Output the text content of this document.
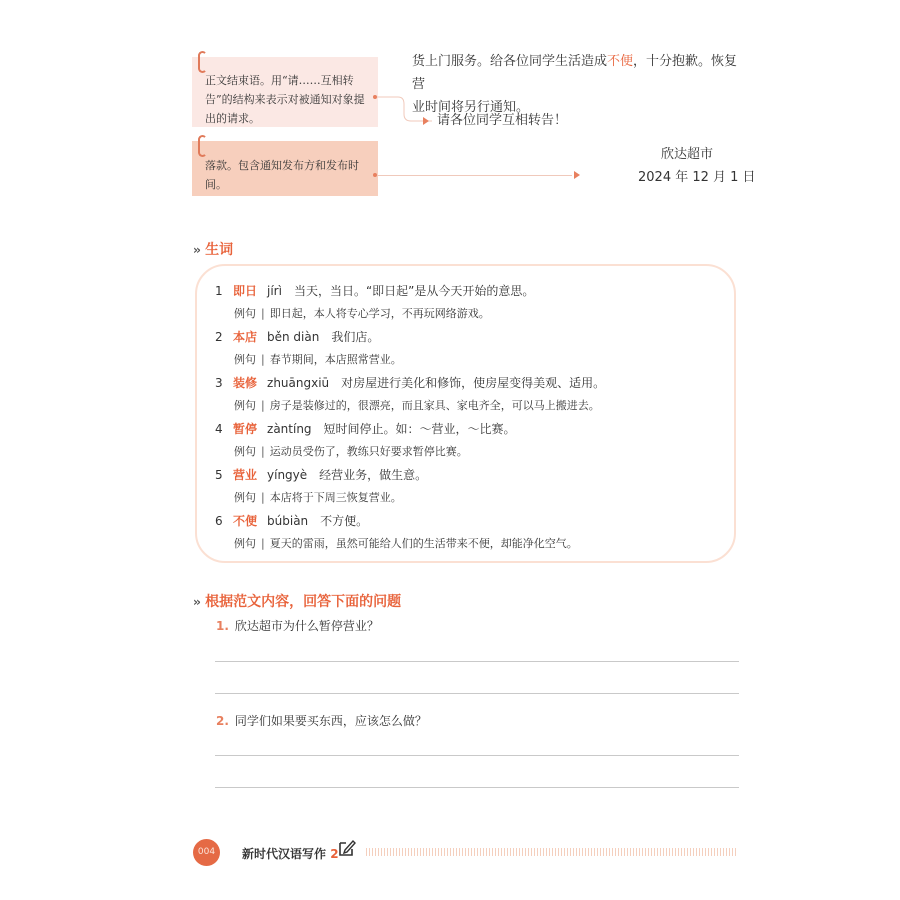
正文结束语。用“请……互相转告”的结构来表示对被通知对象提出的请求。
落款。包含通知发布方和发布时间。
货上门服务。给各位同学生活造成不便，十分抱歉。恢复营
业时间将另行通知。
请各位同学互相转告！
欣达超市
2024 年 12 月 1 日
›› 生词
1 即日 jírì 当天，当日。“即日起”是从今天开始的意思。
例句 | 即日起，本人将专心学习，不再玩网络游戏。
2 本店 běn diàn 我们店。
例句 | 春节期间，本店照常营业。
3 装修 zhuāngxiū 对房屋进行美化和修饰，使房屋变得美观、适用。
例句 | 房子是装修过的，很漂亮，而且家具、家电齐全，可以马上搬进去。
4 暂停 zàntíng 短时间停止。如：～营业，～比赛。
例句 | 运动员受伤了，教练只好要求暂停比赛。
5 营业 yíngyè 经营业务，做生意。
例句 | 本店将于下周三恢复营业。
6 不便 búbiàn 不方便。
例句 | 夏天的雷雨，虽然可能给人们的生活带来不便，却能净化空气。
›› 根据范文内容，回答下面的问题
1. 欣达超市为什么暂停营业？
2. 同学们如果要买东西，应该怎么做？
004	新时代汉语写作 2
